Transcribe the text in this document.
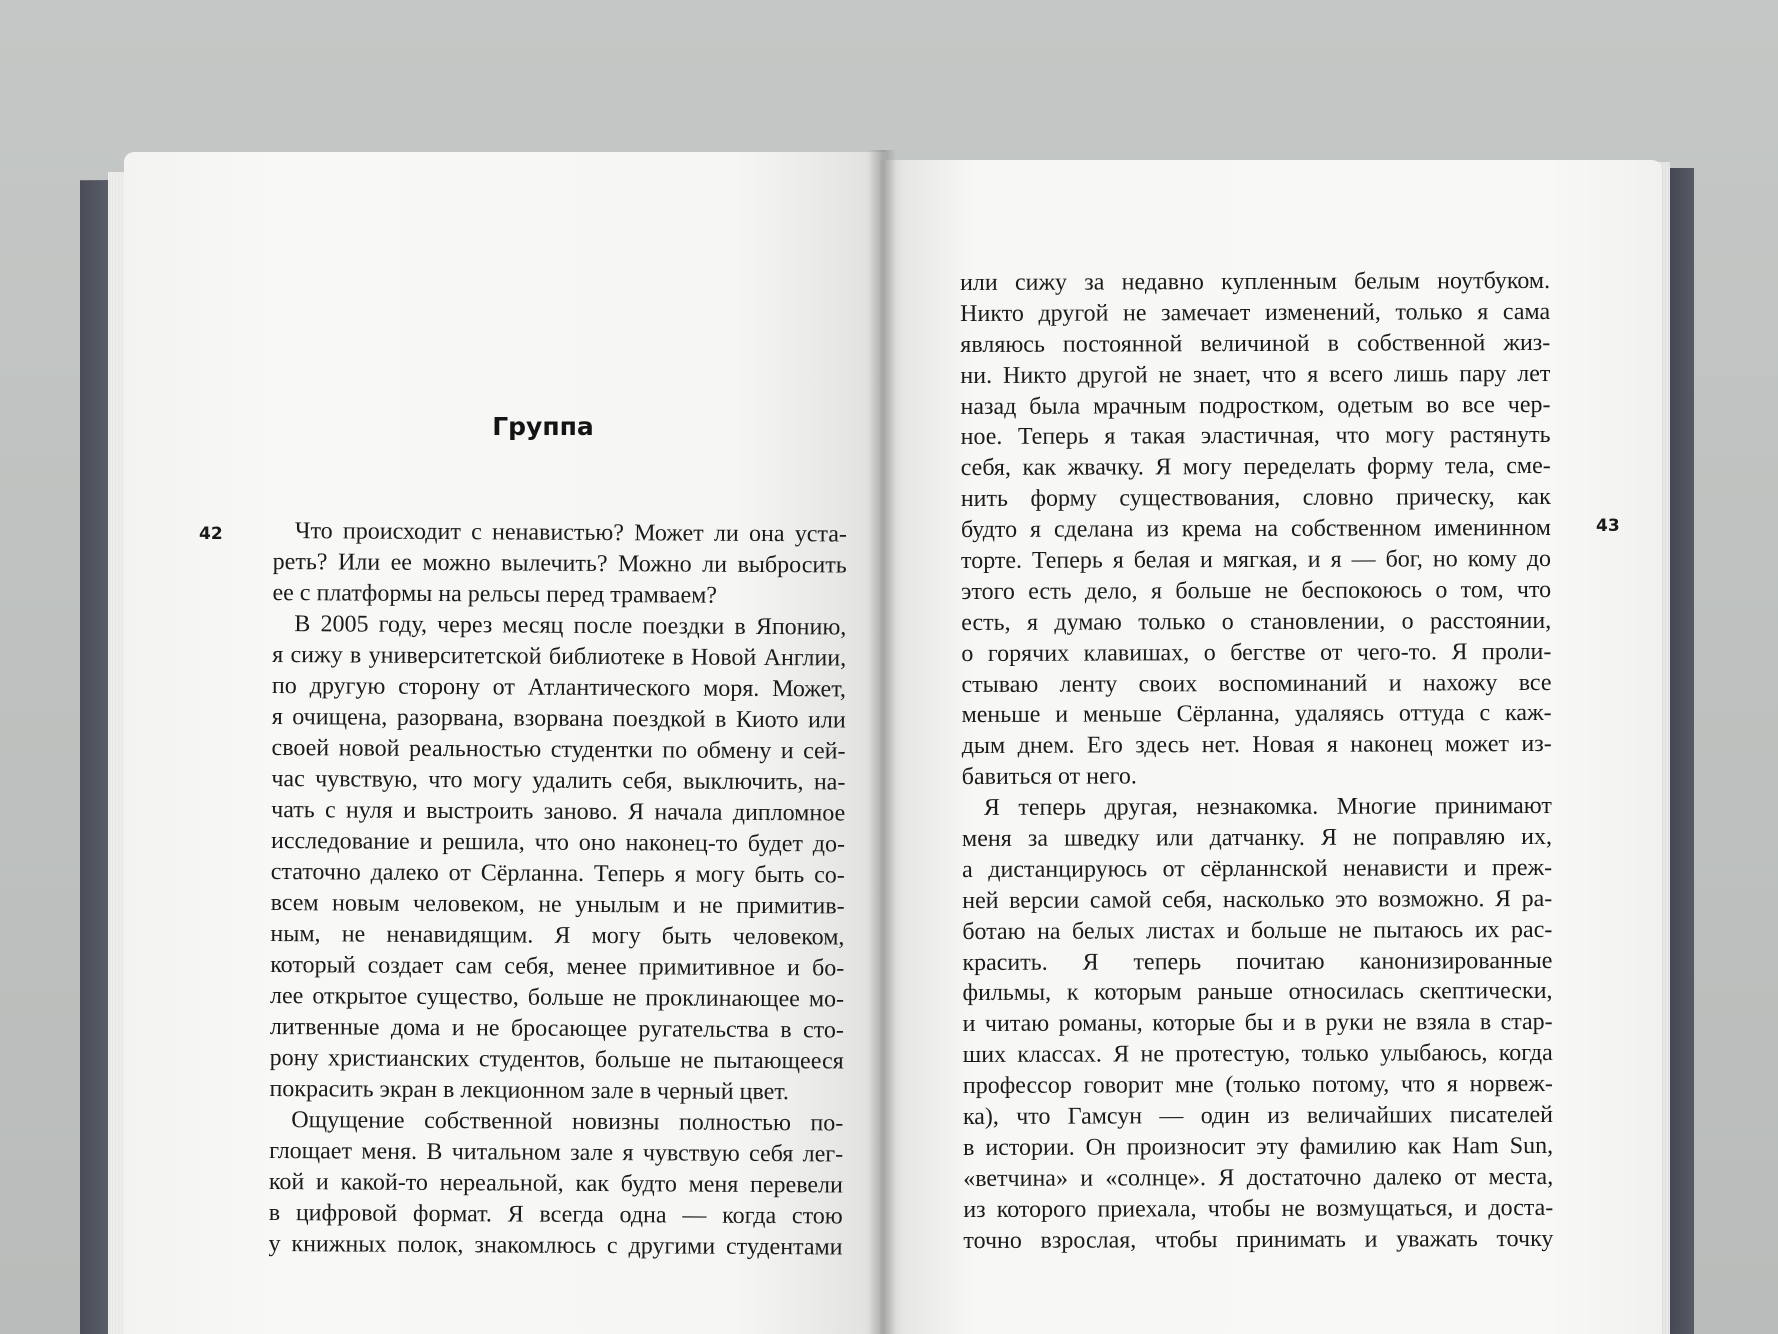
Группа
42	43
Что происходит с ненавистью? Может ли она уста-
реть? Или ее можно вылечить? Можно ли выбросить
ее с платформы на рельсы перед трамваем?
В 2005 году, через месяц после поездки в Японию,
я сижу в университетской библиотеке в Новой Англии,
по другую сторону от Атлантического моря. Может,
я очищена, разорвана, взорвана поездкой в Киото или
своей новой реальностью студентки по обмену и сей-
час чувствую, что могу удалить себя, выключить, на-
чать с нуля и выстроить заново. Я начала дипломное
исследование и решила, что оно наконец-то будет до-
статочно далеко от Сёрланна. Теперь я могу быть со-
всем новым человеком, не унылым и не примитив-
ным, не ненавидящим. Я могу быть человеком,
который создает сам себя, менее примитивное и бо-
лее открытое существо, больше не проклинающее мо-
литвенные дома и не бросающее ругательства в сто-
рону христианских студентов, больше не пытающееся
покрасить экран в лекционном зале в черный цвет.
Ощущение собственной новизны полностью по-
глощает меня. В читальном зале я чувствую себя лег-
кой и какой-то нереальной, как будто меня перевели
в цифровой формат. Я всегда одна — когда стою
у книжных полок, знакомлюсь с другими студентами
или сижу за недавно купленным белым ноутбуком.
Никто другой не замечает изменений, только я сама
являюсь постоянной величиной в собственной жиз-
ни. Никто другой не знает, что я всего лишь пару лет
назад была мрачным подростком, одетым во все чер-
ное. Теперь я такая эластичная, что могу растянуть
себя, как жвачку. Я могу переделать форму тела, сме-
нить форму существования, словно прическу, как
будто я сделана из крема на собственном именинном
торте. Теперь я белая и мягкая, и я — бог, но кому до
этого есть дело, я больше не беспокоюсь о том, что
есть, я думаю только о становлении, о расстоянии,
о горячих клавишах, о бегстве от чего-то. Я проли-
стываю ленту своих воспоминаний и нахожу все
меньше и меньше Сёрланна, удаляясь оттуда с каж-
дым днем. Его здесь нет. Новая я наконец может из-
бавиться от него.
Я теперь другая, незнакомка. Многие принимают
меня за шведку или датчанку. Я не поправляю их,
а дистанцируюсь от сёрланнской ненависти и преж-
ней версии самой себя, насколько это возможно. Я ра-
ботаю на белых листах и больше не пытаюсь их рас-
красить. Я теперь почитаю канонизированные
фильмы, к которым раньше относилась скептически,
и читаю романы, которые бы и в руки не взяла в стар-
ших классах. Я не протестую, только улыбаюсь, когда
профессор говорит мне (только потому, что я норвеж-
ка), что Гамсун — один из величайших писателей
в истории. Он произносит эту фамилию как Ham Sun,
«ветчина» и «солнце». Я достаточно далеко от места,
из которого приехала, чтобы не возмущаться, и доста-
точно взрослая, чтобы принимать и уважать точку
